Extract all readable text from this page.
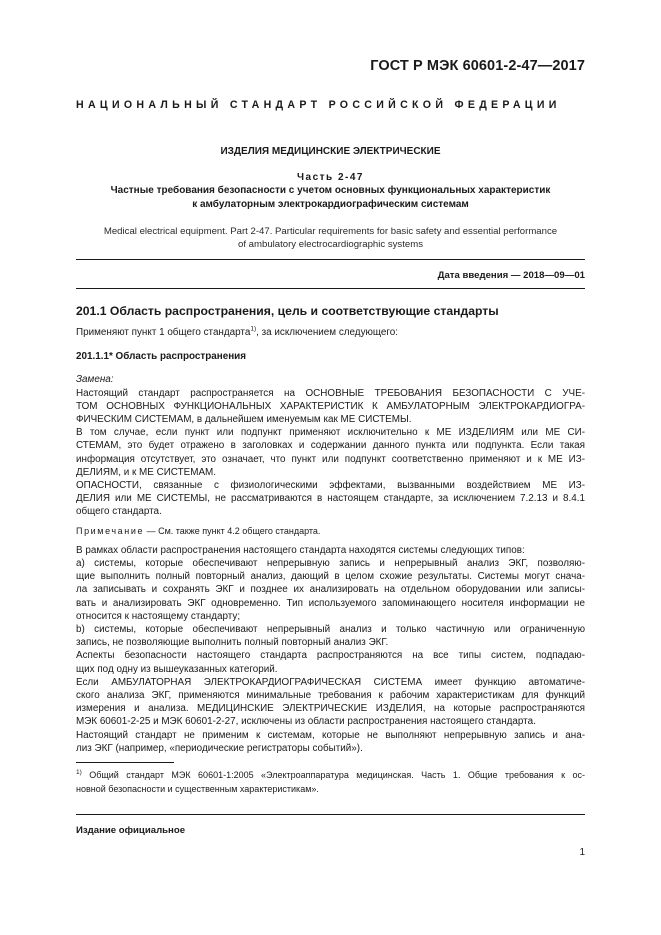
ГОСТ Р МЭК 60601-2-47—2017
НАЦИОНАЛЬНЫЙ СТАНДАРТ РОССИЙСКОЙ ФЕДЕРАЦИИ
ИЗДЕЛИЯ МЕДИЦИНСКИЕ ЭЛЕКТРИЧЕСКИЕ
Часть 2-47
Частные требования безопасности с учетом основных функциональных характеристик
к амбулаторным электрокардиографическим системам
Medical electrical equipment. Part 2-47. Particular requirements for basic safety and essential performance
of ambulatory electrocardiographic systems
Дата введения — 2018—09—01
201.1 Область распространения, цель и соответствующие стандарты

Применяют пункт 1 общего стандарта$^{1)}$, за исключением следующего:

201.1.1* Область распространения

Замена:

Настоящий стандарт распространяется на ОСНОВНЫЕ ТРЕБОВАНИЯ БЕЗОПАСНОСТИ С УЧЕ-

ТОМ ОСНОВНЫХ ФУНКЦИОНАЛЬНЫХ ХАРАКТЕРИСТИК К АМБУЛАТОРНЫМ ЭЛЕКТРОКАРДИОГРА-

ФИЧЕСКИМ СИСТЕМАМ, в дальнейшем именуемым как МЕ СИСТЕМЫ.

В том случае, если пункт или подпункт применяют исключительно к МЕ ИЗДЕЛИЯМ или МЕ СИ-

СТЕМАМ, это будет отражено в заголовках и содержании данного пункта или подпункта. Если такая

информация отсутствует, это означает, что пункт или подпункт соответственно применяют и к МЕ ИЗ-

ДЕЛИЯМ, и к МЕ СИСТЕМАМ.

ОПАСНОСТИ, связанные с физиологическими эффектами, вызванными воздействием МЕ ИЗ-

ДЕЛИЯ или МЕ СИСТЕМЫ, не рассматриваются в настоящем стандарте, за исключением 7.2.13 и 8.4.1

общего стандарта.

Примечание — См. также пункт 4.2 общего стандарта.

В рамках области распространения настоящего стандарта находятся системы следующих типов:

а) системы, которые обеспечивают непрерывную запись и непрерывный анализ ЭКГ, позволяю-

щие выполнить полный повторный анализ, дающий в целом схожие результаты. Системы могут снача-

ла записывать и сохранять ЭКГ и позднее их анализировать на отдельном оборудовании или записы-

вать и анализировать ЭКГ одновременно. Тип используемого запоминающего носителя информации не

относится к настоящему стандарту;

b) системы, которые обеспечивают непрерывный анализ и только частичную или ограниченную

запись, не позволяющие выполнить полный повторный анализ ЭКГ.

Аспекты безопасности настоящего стандарта распространяются на все типы систем, подпадаю-

щих под одну из вышеуказанных категорий.

Если АМБУЛАТОРНАЯ ЭЛЕКТРОКАРДИОГРАФИЧЕСКАЯ СИСТЕМА имеет функцию автоматиче-

ского анализа ЭКГ, применяются минимальные требования к рабочим характеристикам для функций

измерения и анализа. МЕДИЦИНСКИЕ ЭЛЕКТРИЧЕСКИЕ ИЗДЕЛИЯ, на которые распространяются

МЭК 60601-2-25 и МЭК 60601-2-27, исключены из области распространения настоящего стандарта.

Настоящий стандарт не применим к системам, которые не выполняют непрерывную запись и ана-

лиз ЭКГ (например, «периодические регистраторы событий»).

$^{1)}$ Общий стандарт МЭК 60601-1:2005 «Электроаппаратура медицинская. Часть 1. Общие требования к ос-
новной безопасности и существенным характеристикам».
Издание официальное
1
